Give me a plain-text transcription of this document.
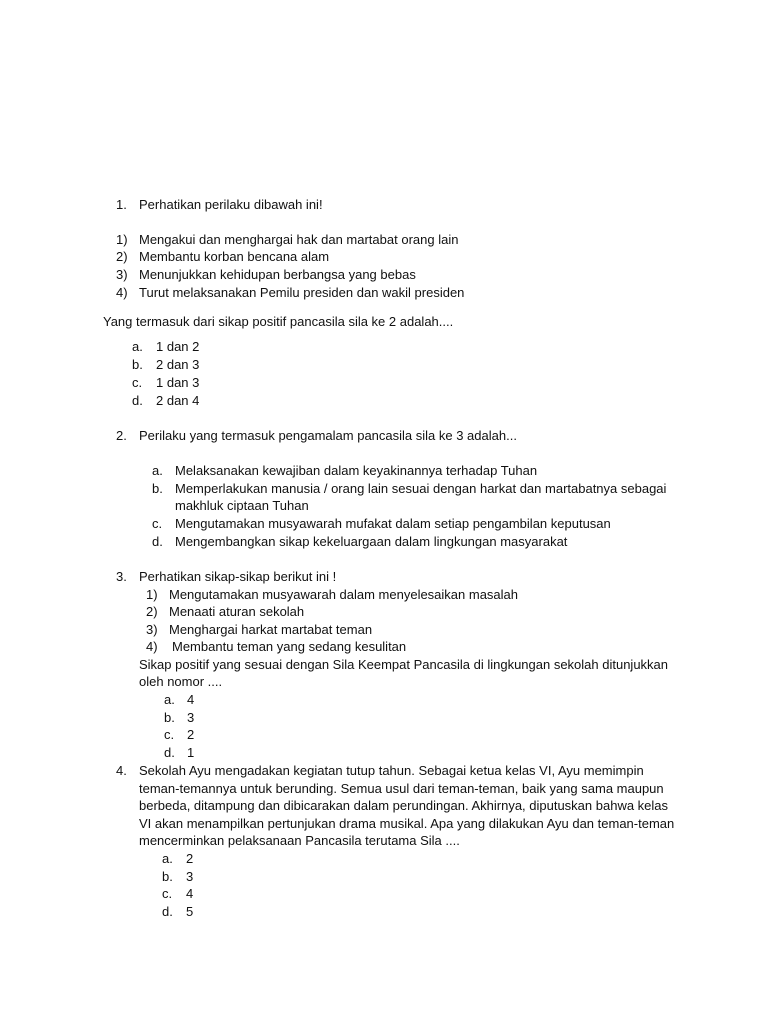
1. Perhatikan perilaku dibawah ini!
1) Mengakui dan menghargai hak dan martabat orang lain
2) Membantu korban bencana alam
3) Menunjukkan kehidupan berbangsa yang bebas
4) Turut melaksanakan Pemilu presiden dan wakil presiden
Yang termasuk dari sikap positif pancasila sila ke 2 adalah....
a. 1 dan 2
b. 2 dan 3
c. 1 dan 3
d. 2 dan 4
2. Perilaku yang termasuk pengamalam pancasila sila ke 3 adalah...
a. Melaksanakan kewajiban dalam keyakinannya terhadap Tuhan
b. Memperlakukan manusia / orang lain sesuai dengan harkat dan martabatnya sebagai
makhluk ciptaan Tuhan
c. Mengutamakan musyawarah mufakat dalam setiap pengambilan keputusan
d. Mengembangkan sikap kekeluargaan dalam lingkungan masyarakat
3. Perhatikan sikap-sikap berikut ini !
1) Mengutamakan musyawarah dalam menyelesaikan masalah
2) Menaati aturan sekolah
3) Menghargai harkat martabat teman
4) Membantu teman yang sedang kesulitan
Sikap positif yang sesuai dengan Sila Keempat Pancasila di lingkungan sekolah ditunjukkan
oleh nomor ....
a. 4
b. 3
c. 2
d. 1
4. Sekolah Ayu mengadakan kegiatan tutup tahun. Sebagai ketua kelas VI, Ayu memimpin
teman-temannya untuk berunding. Semua usul dari teman-teman, baik yang sama maupun
berbeda, ditampung dan dibicarakan dalam perundingan. Akhirnya, diputuskan bahwa kelas
VI akan menampilkan pertunjukan drama musikal. Apa yang dilakukan Ayu dan teman-teman
mencerminkan pelaksanaan Pancasila terutama Sila ....
a. 2
b. 3
c. 4
d. 5
